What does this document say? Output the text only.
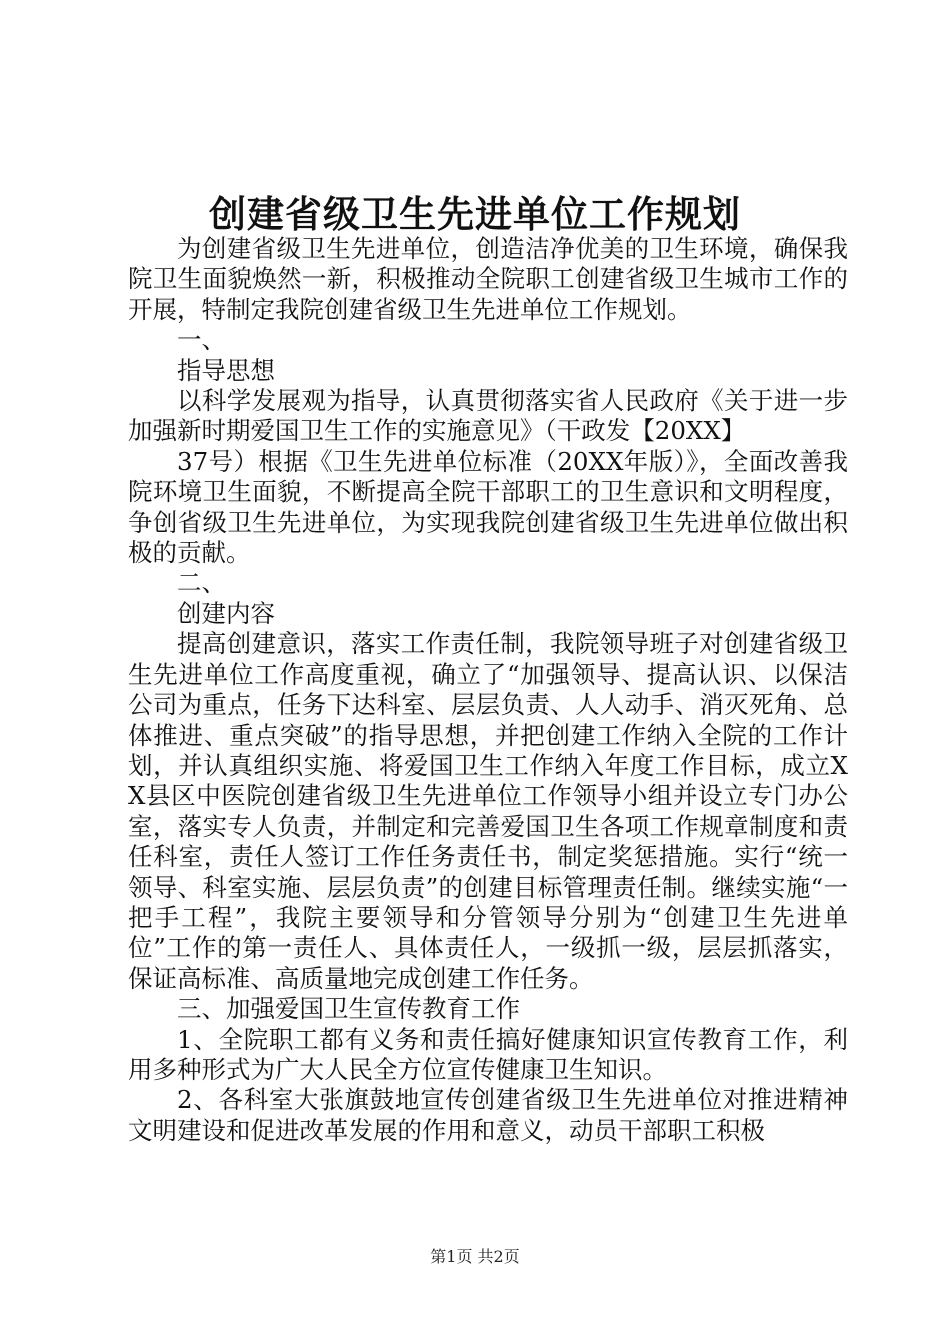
创建省级卫生先进单位工作规划

为创建省级卫生先进单位，创造洁净优美的卫生环境，确保我院卫生面貌焕然一新，积极推动全院职工创建省级卫生城市工作的开展，特制定我院创建省级卫生先进单位工作规划。

一、

指导思想

以科学发展观为指导，认真贯彻落实省人民政府《关于进一步加强新时期爱国卫生工作的实施意见》（干政发【20XX】

37号）根据《卫生先进单位标准（20XX年版）》，全面改善我院环境卫生面貌，不断提高全院干部职工的卫生意识和文明程度，争创省级卫生先进单位，为实现我院创建省级卫生先进单位做出积极的贡献。

二、

创建内容

提高创建意识，落实工作责任制，我院领导班子对创建省级卫生先进单位工作高度重视，确立了“加强领导、提高认识、以保洁公司为重点，任务下达科室、层层负责、人人动手、消灭死角、总体推进、重点突破”的指导思想，并把创建工作纳入全院的工作计划，并认真组织实施、将爱国卫生工作纳入年度工作目标，成立XX县区中医院创建省级卫生先进单位工作领导小组并设立专门办公室，落实专人负责，并制定和完善爱国卫生各项工作规章制度和责任科室，责任人签订工作任务责任书，制定奖惩措施。实行“统一领导、科室实施、层层负责”的创建目标管理责任制。继续实施“一把手工程”，我院主要领导和分管领导分别为“创建卫生先进单位”工作的第一责任人、具体责任人，一级抓一级，层层抓落实，保证高标准、高质量地完成创建工作任务。

三、加强爱国卫生宣传教育工作

1、全院职工都有义务和责任搞好健康知识宣传教育工作，利用多种形式为广大人民全方位宣传健康卫生知识。

2、各科室大张旗鼓地宣传创建省级卫生先进单位对推进精神文明建设和促进改革发展的作用和意义，动员干部职工积极

第1页 共2页
